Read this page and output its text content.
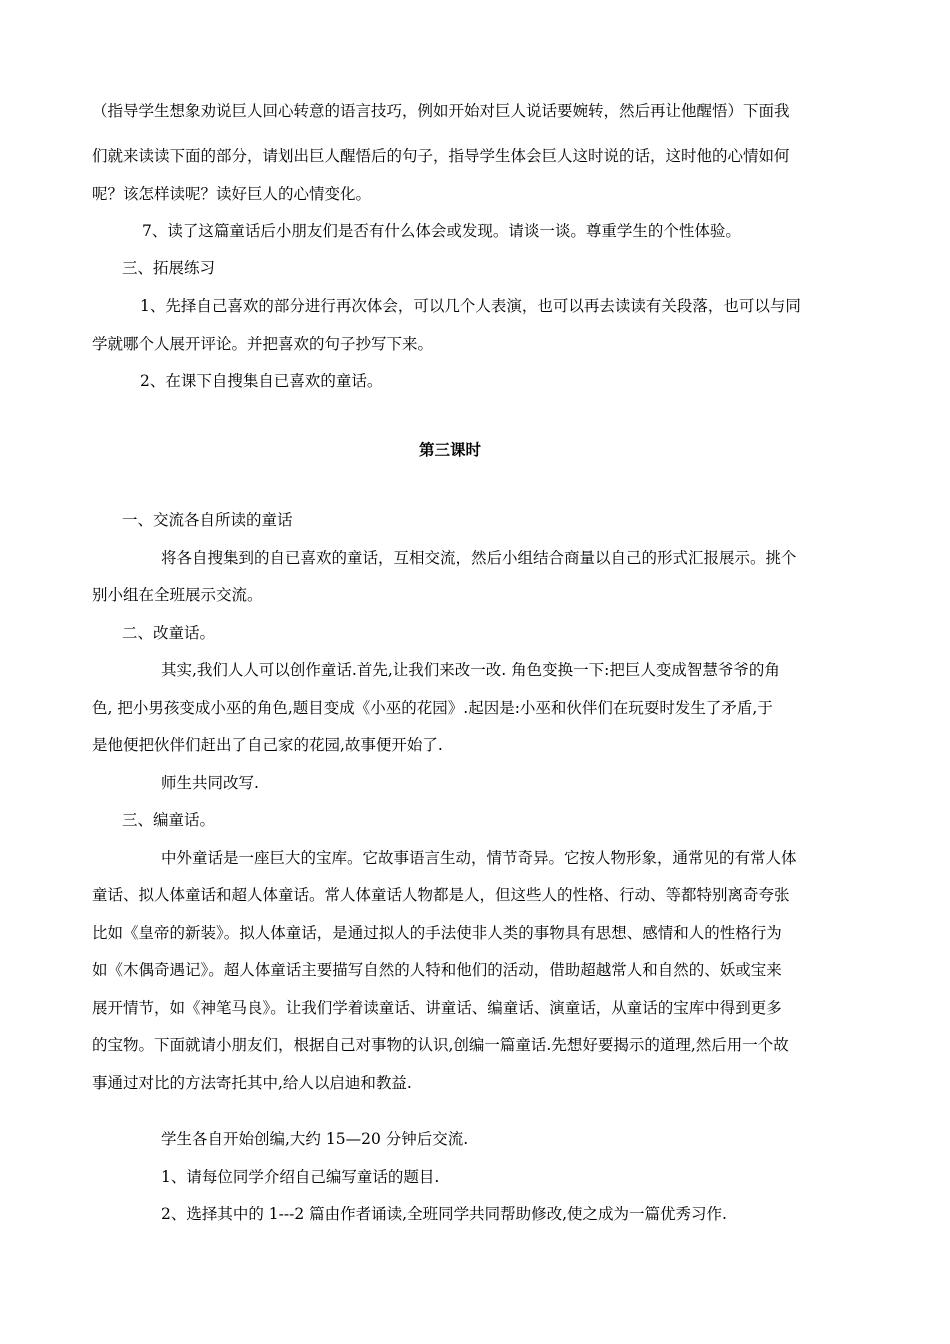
（指导学生想象劝说巨人回心转意的语言技巧，例如开始对巨人说话要婉转，然后再让他醒悟）下面我
们就来读读下面的部分，请划出巨人醒悟后的句子，指导学生体会巨人这时说的话，这时他的心情如何
呢？该怎样读呢？读好巨人的心情变化。
7、读了这篇童话后小朋友们是否有什么体会或发现。请谈一谈。尊重学生的个性体验。
三、拓展练习
1、先择自己喜欢的部分进行再次体会，可以几个人表演，也可以再去读读有关段落，也可以与同
学就哪个人展开评论。并把喜欢的句子抄写下来。
2、在课下自搜集自已喜欢的童话。
第三课时
一、交流各自所读的童话
将各自搜集到的自已喜欢的童话，互相交流，然后小组结合商量以自己的形式汇报展示。挑个
别小组在全班展示交流。
二、改童话。
其实,我们人人可以创作童话.首先,让我们来改一改. 角色变换一下:把巨人变成智慧爷爷的角
色, 把小男孩变成小巫的角色,题目变成《小巫的花园》.起因是:小巫和伙伴们在玩耍时发生了矛盾,于
是他便把伙伴们赶出了自己家的花园,故事便开始了.
师生共同改写.
三、编童话。
中外童话是一座巨大的宝库。它故事语言生动，情节奇异。它按人物形象，通常见的有常人体
童话、拟人体童话和超人体童话。常人体童话人物都是人，但这些人的性格、行动、等都特别离奇夸张
比如《皇帝的新装》。拟人体童话，是通过拟人的手法使非人类的事物具有思想、感情和人的性格行为
如《木偶奇遇记》。超人体童话主要描写自然的人特和他们的活动，借助超越常人和自然的、妖或宝来
展开情节，如《神笔马良》。让我们学着读童话、讲童话、编童话、演童话，从童话的宝库中得到更多
的宝物。下面就请小朋友们，根据自己对事物的认识,创编一篇童话.先想好要揭示的道理,然后用一个故
事通过对比的方法寄托其中,给人以启迪和教益.
学生各自开始创编,大约 15—20 分钟后交流.
1、请每位同学介绍自己编写童话的题目.
2、选择其中的 1---2 篇由作者诵读,全班同学共同帮助修改,使之成为一篇优秀习作.
